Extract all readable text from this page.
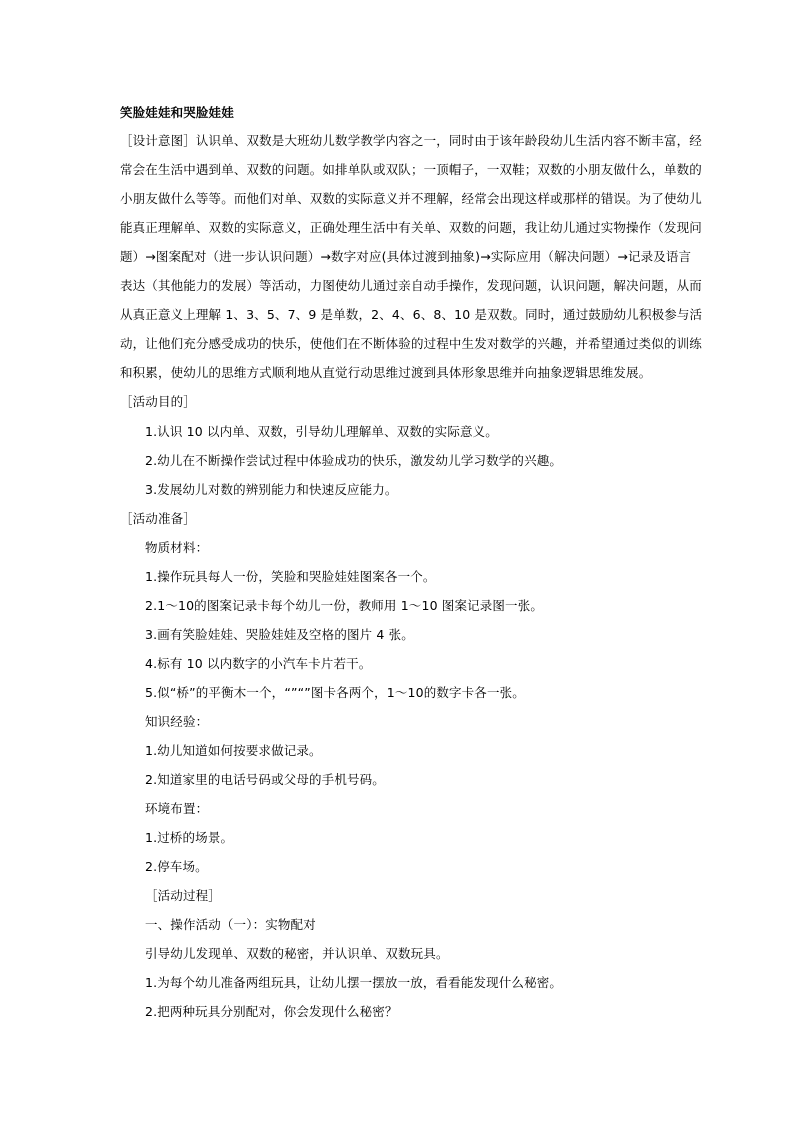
笑脸娃娃和哭脸娃娃
［设计意图］认识单、双数是大班幼儿数学教学内容之一，同时由于该年龄段幼儿生活内容不断丰富，经
常会在生活中遇到单、双数的问题。如排单队或双队；一顶帽子，一双鞋；双数的小朋友做什么，单数的
小朋友做什么等等。而他们对单、双数的实际意义并不理解，经常会出现这样或那样的错误。为了使幼儿
能真正理解单、双数的实际意义，正确处理生活中有关单、双数的问题，我让幼儿通过实物操作（发现问
题）→图案配对（进一步认识问题）→数字对应(具体过渡到抽象)→实际应用（解决问题）→记录及语言
表达（其他能力的发展）等活动，力图使幼儿通过亲自动手操作，发现问题，认识问题，解决问题，从而
从真正意义上理解 1、3、5、7、9 是单数，2、4、6、8、10 是双数。同时，通过鼓励幼儿积极参与活
动，让他们充分感受成功的快乐，使他们在不断体验的过程中生发对数学的兴趣，并希望通过类似的训练
和积累，使幼儿的思维方式顺利地从直觉行动思维过渡到具体形象思维并向抽象逻辑思维发展。
［活动目的］
1.认识 10 以内单、双数，引导幼儿理解单、双数的实际意义。
2.幼儿在不断操作尝试过程中体验成功的快乐，激发幼儿学习数学的兴趣。
3.发展幼儿对数的辨别能力和快速反应能力。
［活动准备］
物质材料：
1.操作玩具每人一份，笑脸和哭脸娃娃图案各一个。
2.1～10的图案记录卡每个幼儿一份，教师用 1～10 图案记录图一张。
3.画有笑脸娃娃、哭脸娃娃及空格的图片 4 张。
4.标有 10 以内数字的小汽车卡片若干。
5.似“桥”的平衡木一个，“”“”图卡各两个，1～10的数字卡各一张。
知识经验：
1.幼儿知道如何按要求做记录。
2.知道家里的电话号码或父母的手机号码。
环境布置：
1.过桥的场景。
2.停车场。
［活动过程］
一、操作活动（一）：实物配对
引导幼儿发现单、双数的秘密，并认识单、双数玩具。
1.为每个幼儿准备两组玩具，让幼儿摆一摆放一放，看看能发现什么秘密。
2.把两种玩具分别配对，你会发现什么秘密？
